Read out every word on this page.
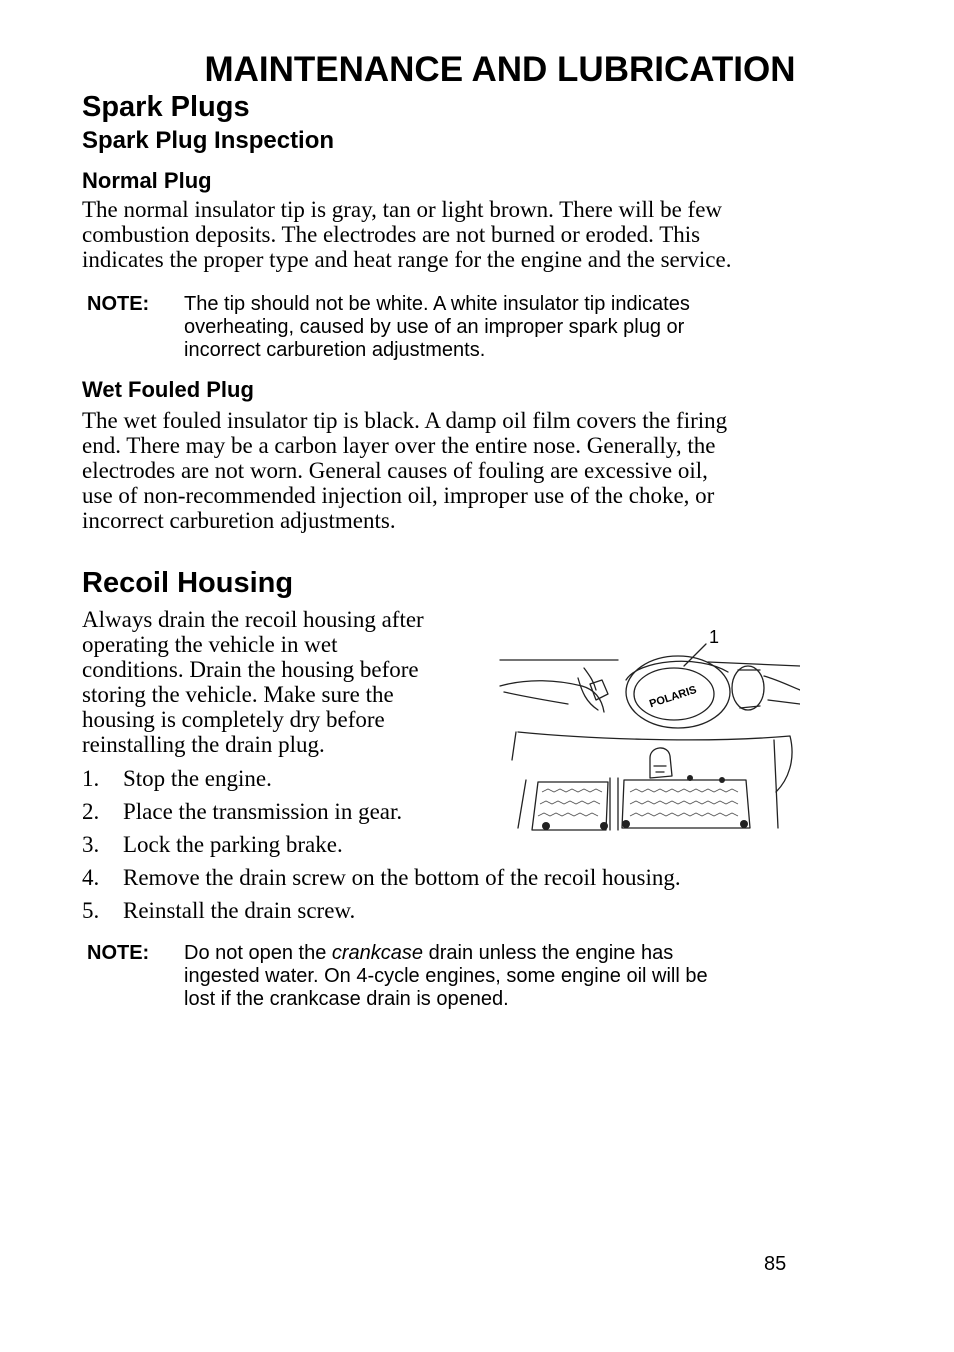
MAINTENANCE AND LUBRICATION
Spark Plugs
Spark Plug Inspection
Normal Plug
The normal insulator tip is gray, tan or light brown. There will be few
combustion deposits. The electrodes are not burned or eroded. This
indicates the proper type and heat range for the engine and the service.
NOTE: The tip should not be white. A white insulator tip indicates
overheating, caused by use of an improper spark plug or
incorrect carburetion adjustments.
Wet Fouled Plug
The wet fouled insulator tip is black. A damp oil film covers the firing
end. There may be a carbon layer over the entire nose. Generally, the
electrodes are not worn. General causes of fouling are excessive oil,
use of non-recommended injection oil, improper use of the choke, or
incorrect carburetion adjustments.
Recoil Housing
Always drain the recoil housing after
operating the vehicle in wet
conditions. Drain the housing before
storing the vehicle. Make sure the
housing is completely dry before
reinstalling the drain plug.
POLARIS
1
1. Stop the engine.
2. Place the transmission in gear.
3. Lock the parking brake.
4. Remove the drain screw on the bottom of the recoil housing.
5. Reinstall the drain screw.
NOTE: Do not open the crankcase drain unless the engine has
ingested water. On 4-cycle engines, some engine oil will be
lost if the crankcase drain is opened.
85
